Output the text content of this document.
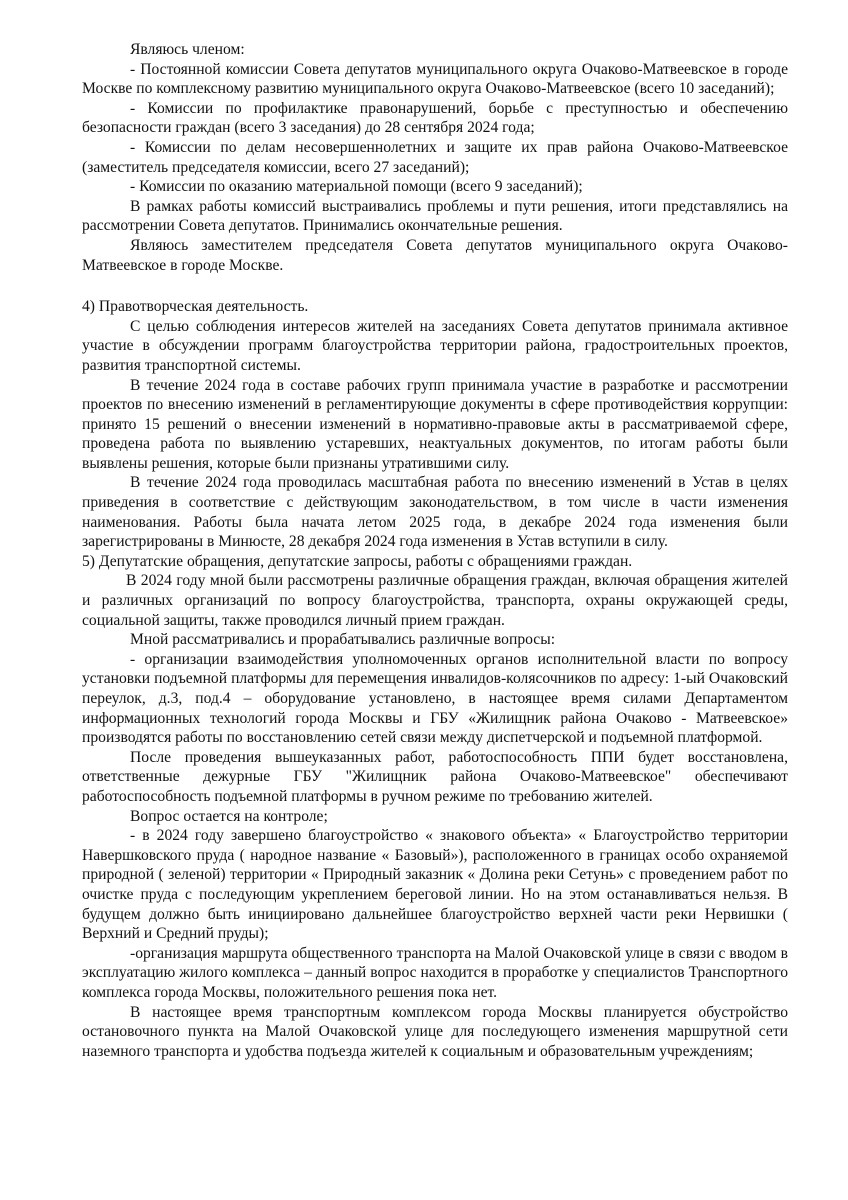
Являюсь членом:

- Постоянной комиссии Совета депутатов муниципального округа Очаково-Матвеевское в городе Москве по комплексному развитию муниципального округа Очаково-Матвеевское (всего 10 заседаний);

- Комиссии по профилактике правонарушений, борьбе с преступностью и обеспечению безопасности граждан (всего 3 заседания) до 28 сентября 2024 года;

- Комиссии по делам несовершеннолетних и защите их прав района Очаково-Матвеевское (заместитель председателя комиссии, всего 27 заседаний);

- Комиссии по оказанию материальной помощи (всего 9 заседаний);

В рамках работы комиссий выстраивались проблемы и пути решения, итоги представлялись на рассмотрении Совета депутатов. Принимались окончательные решения.

Являюсь заместителем председателя Совета депутатов муниципального округа Очаково-Матвеевское в городе Москве.

4) Правотворческая деятельность.

С целью соблюдения интересов жителей на заседаниях Совета депутатов принимала активное участие в обсуждении программ благоустройства территории района, градостроительных проектов, развития транспортной системы.

В течение 2024 года в составе рабочих групп принимала участие в разработке и рассмотрении проектов по внесению изменений в регламентирующие документы в сфере противодействия коррупции: принято 15 решений о внесении изменений в нормативно-правовые акты в рассматриваемой сфере, проведена работа по выявлению устаревших, неактуальных документов, по итогам работы были выявлены решения, которые были признаны утратившими силу.

В течение 2024 года проводилась масштабная работа по внесению изменений в Устав в целях приведения в соответствие с действующим законодательством, в том числе в части изменения наименования. Работы была начата летом 2025 года, в декабре 2024 года изменения были зарегистрированы в Минюсте, 28 декабря 2024 года изменения в Устав вступили в силу.

5) Депутатские обращения, депутатские запросы, работы с обращениями граждан.

В 2024 году мной были рассмотрены различные обращения граждан, включая обращения жителей и различных организаций по вопросу благоустройства, транспорта, охраны окружающей среды, социальной защиты, также проводился личный прием граждан.

Мной рассматривались и прорабатывались различные вопросы:

- организации взаимодействия уполномоченных органов исполнительной власти по вопросу установки подъемной платформы для перемещения инвалидов-колясочников по адресу: 1-ый Очаковский переулок, д.3, под.4 – оборудование установлено, в настоящее время силами Департаментом информационных технологий города Москвы и ГБУ «Жилищник района Очаково - Матвеевское» производятся работы по восстановлению сетей связи между диспетчерской и подъемной платформой.

После проведения вышеуказанных работ, работоспособность ППИ будет восстановлена, ответственные дежурные ГБУ "Жилищник района Очаково-Матвеевское" обеспечивают работоспособность подъемной платформы в ручном режиме по требованию жителей.

Вопрос остается на контроле;

- в 2024 году завершено благоустройство « знакового объекта» « Благоустройство территории Навершковского пруда ( народное название « Базовый»), расположенного в границах особо охраняемой природной ( зеленой) территории « Природный заказник « Долина реки Сетунь» с проведением работ по очистке пруда с последующим укреплением береговой линии. Но на этом останавливаться нельзя. В будущем должно быть инициировано дальнейшее благоустройство верхней части реки Нервишки ( Верхний и Средний пруды);

-организация маршрута общественного транспорта на Малой Очаковской улице в связи с вводом в эксплуатацию жилого комплекса – данный вопрос находится в проработке у специалистов Транспортного комплекса города Москвы, положительного решения пока нет.

В настоящее время транспортным комплексом города Москвы планируется обустройство остановочного пункта на Малой Очаковской улице для последующего изменения маршрутной сети наземного транспорта и удобства подъезда жителей к социальным и образовательным учреждениям;
